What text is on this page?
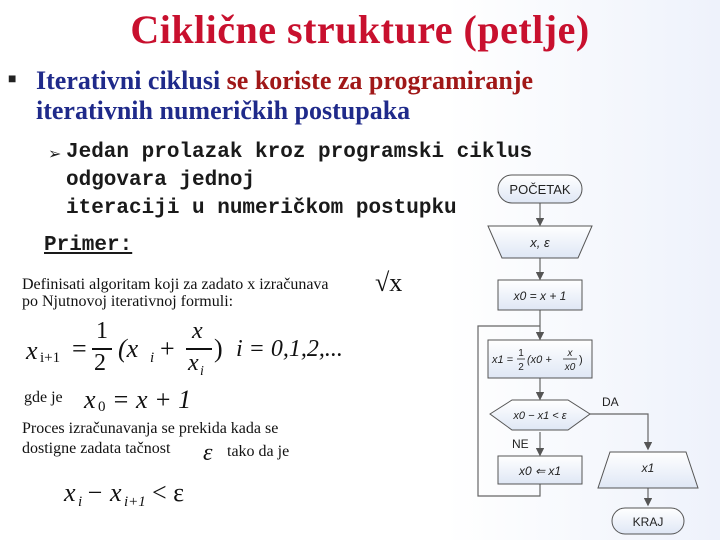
Ciklične strukture (petlje)
■ Iterativni ciklusi se koriste za programiranje
iterativnih numeričkih postupaka
➢ Jedan prolazak kroz programski ciklus odgovara jednoj
iteraciji u numeričkom postupku
Primer:
Definisati algoritam koji za zadato x izračunava
po Njutnovoj iterativnoj formuli:
√x
x i+1 =
1
2 (x i +
x
x i
) i = 0,1,2,...
gde je x 0 = x + 1
Proces izračunavanja se prekida kada se
dostigne zadata tačnost ε tako da je
x i − x i+1 < ε
POČETAK
x, ε
x0 = x + 1
x1 =
1
2
(x0 +
x
x0
)
x0 − x1 < ε
DA
NE
x0 ⇐ x1	x1
KRAJ
